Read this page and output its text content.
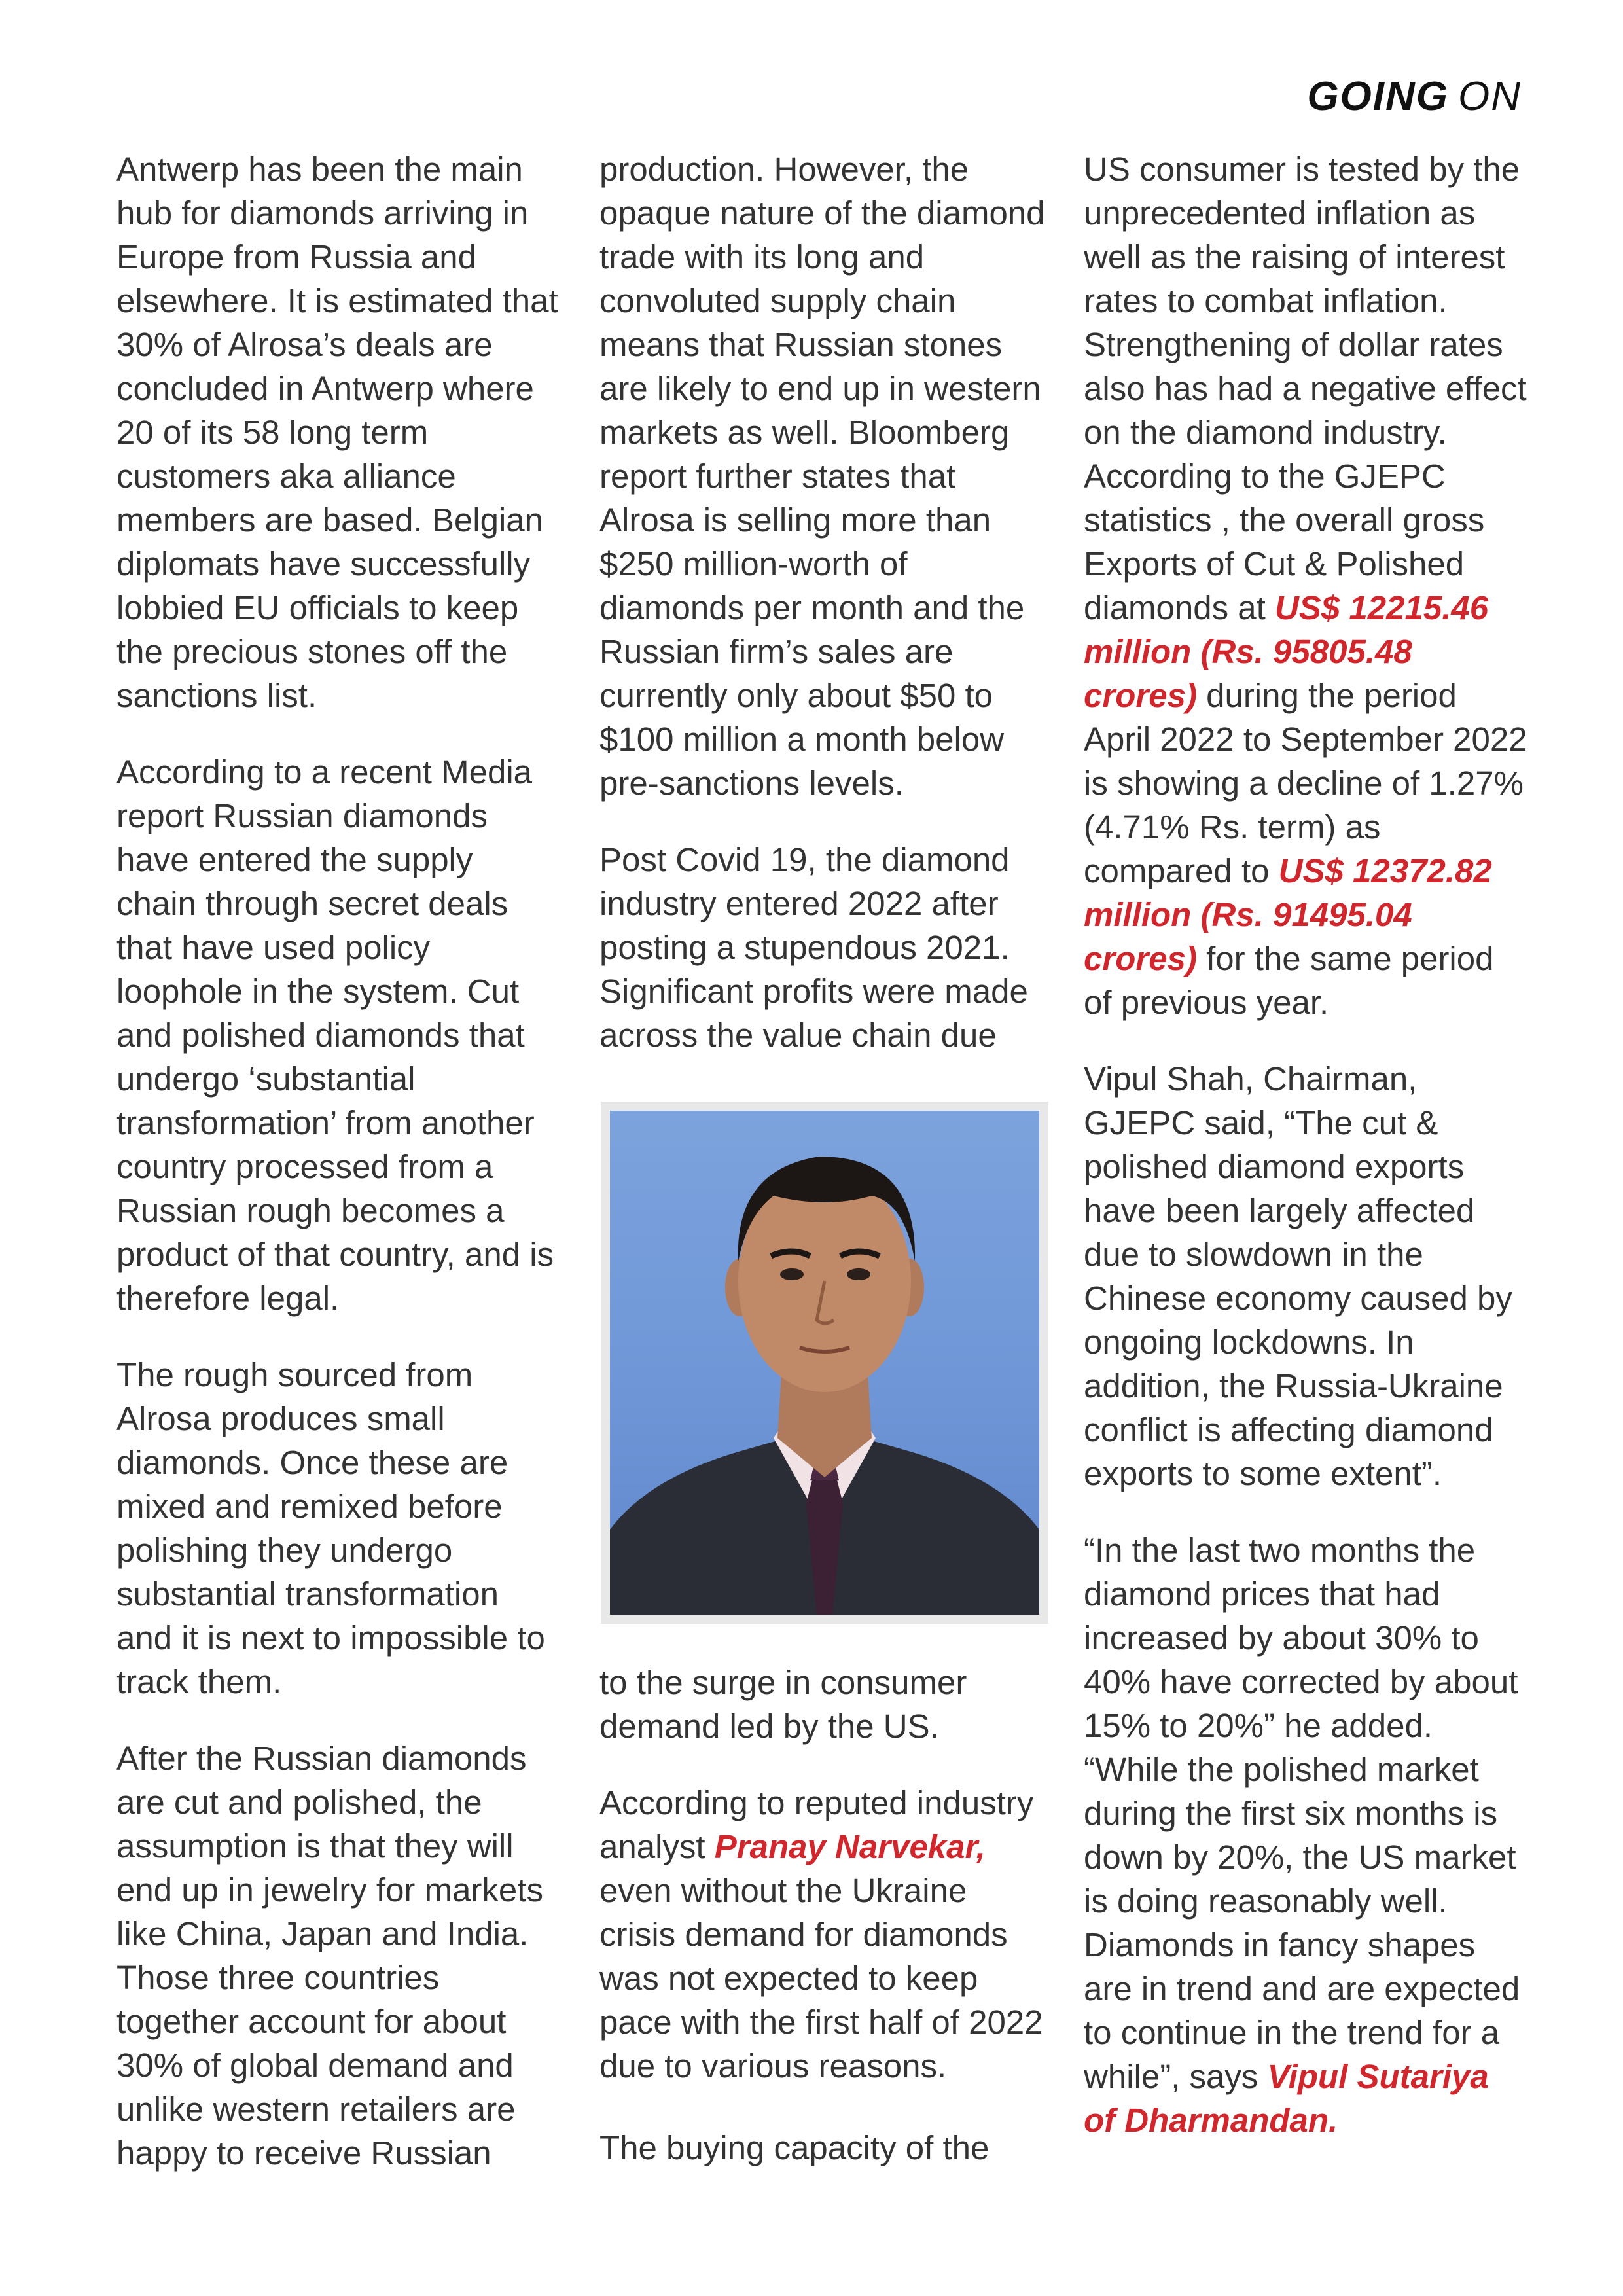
GOING ON

Antwerp has been the main hub for diamonds arriving in Europe from Russia and elsewhere. It is estimated that 30% of Alrosa’s deals are concluded in Antwerp where 20 of its 58 long term customers aka alliance members are based. Belgian diplomats have successfully lobbied EU officials to keep the precious stones off the sanctions list.

According to a recent Media report Russian diamonds have entered the supply chain through secret deals that have used policy loophole in the system. Cut and polished diamonds that undergo ‘substantial transformation’ from another country processed from a Russian rough becomes a product of that country, and is therefore legal.

The rough sourced from Alrosa produces small diamonds. Once these are mixed and remixed before polishing they undergo substantial transformation and it is next to impossible to track them.

After the Russian diamonds are cut and polished, the assumption is that they will end up in jewelry for markets like China, Japan and India. Those three countries together account for about 30% of global demand and unlike western retailers are happy to receive Russian

production. However, the opaque nature of the diamond trade with its long and convoluted supply chain means that Russian stones are likely to end up in western markets as well. Bloomberg report further states that Alrosa is selling more than $250 million-worth of diamonds per month and the Russian firm’s sales are currently only about $50 to $100 million a month below pre-sanctions levels.

Post Covid 19, the diamond industry entered 2022 after posting a stupendous 2021. Significant profits were made across the value chain due

to the surge in consumer demand led by the US.

According to reputed industry analyst Pranay Narvekar, even without the Ukraine crisis demand for diamonds was not expected to keep pace with the first half of 2022 due to various reasons.

The buying capacity of the

US consumer is tested by the unprecedented inflation as well as the raising of interest rates to combat inflation. Strengthening of dollar rates also has had a negative effect on the diamond industry. According to the GJEPC statistics , the overall gross Exports of Cut & Polished diamonds at US$ 12215.46 million (Rs. 95805.48 crores) during the period April 2022 to September 2022 is showing a decline of 1.27% (4.71% Rs. term) as compared to US$ 12372.82 million (Rs. 91495.04 crores) for the same period of previous year.

Vipul Shah, Chairman, GJEPC said, “The cut & polished diamond exports have been largely affected due to slowdown in the Chinese economy caused by ongoing lockdowns. In addition, the Russia-Ukraine conflict is affecting diamond exports to some extent”.

“In the last two months the diamond prices that had increased by about 30% to 40% have corrected by about 15% to 20%” he added. “While the polished market during the first six months is down by 20%, the US market is doing reasonably well. Diamonds in fancy shapes are in trend and are expected to continue in the trend for a while”, says Vipul Sutariya of Dharmandan.
